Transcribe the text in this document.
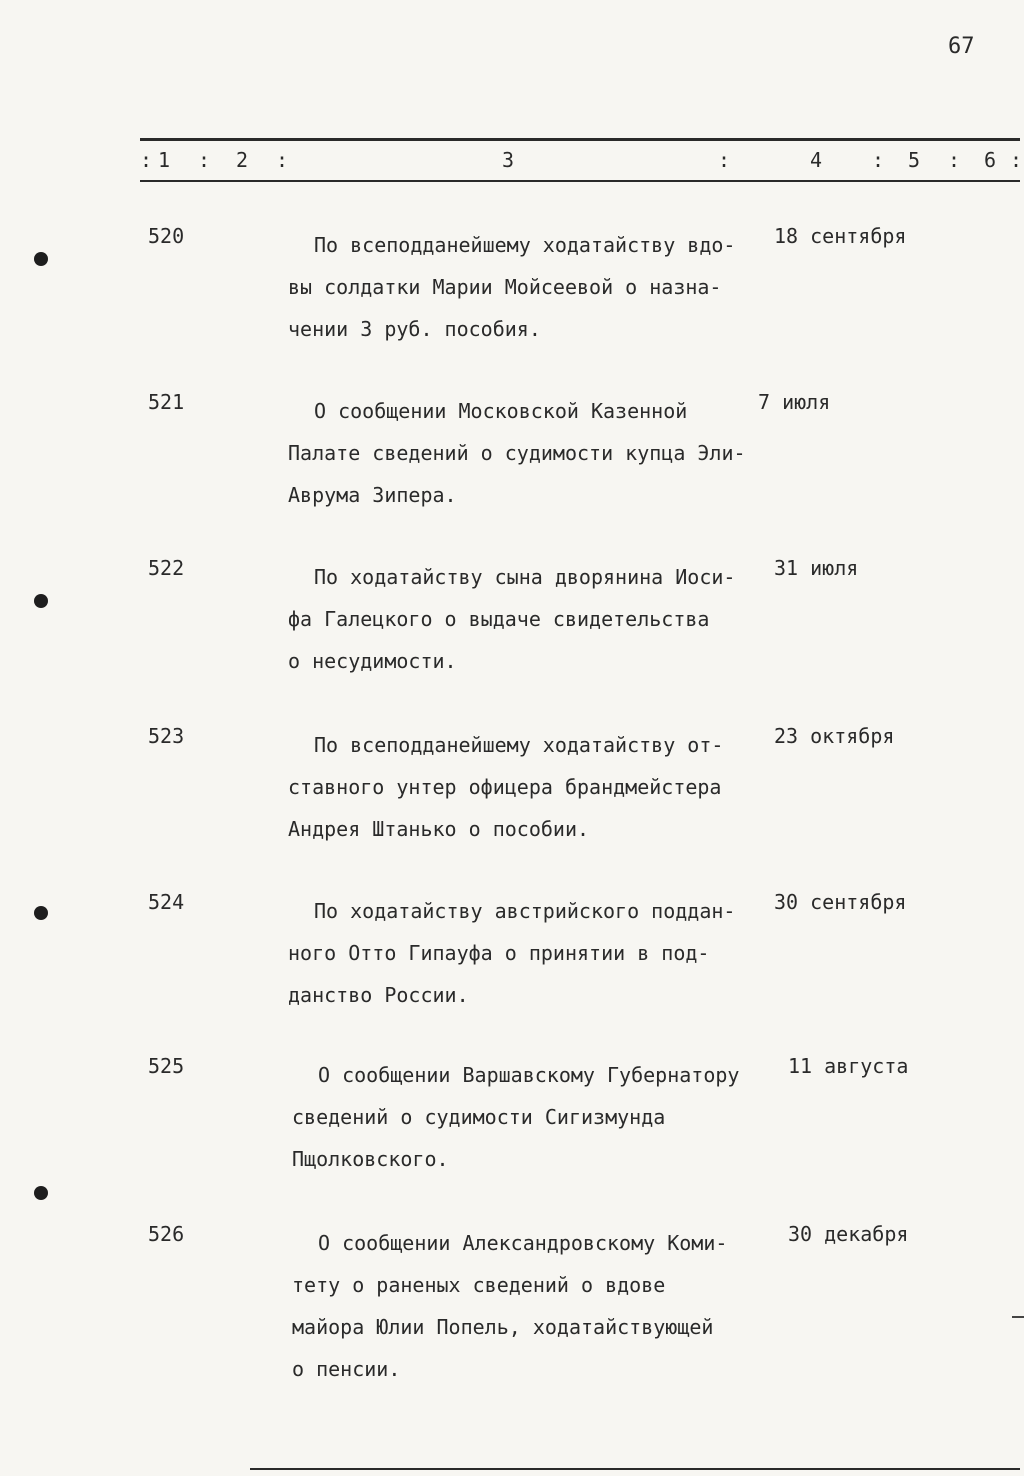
67
: 1 : 2 :	3	:	4 : 5 : 6 :
520	По всеподданейшему ходатайству вдо-
вы солдатки Марии Мойсеевой о назна-
чении 3 руб. пособия.
18 сентября
521	О сообщении Московской Казенной
Палате сведений о судимости купца Эли-
Аврума Зипера.
7 июля
522	По ходатайству сына дворянина Иоси-
фа Галецкого о выдаче свидетельства
о несудимости.
31 июля
523	По всеподданейшему ходатайству от-
ставного унтер офицера брандмейстера
Андрея Штанько о пособии.
23 октября
524	По ходатайству австрийского поддан-
ного Отто Гипауфа о принятии в под-
данство России.
30 сентября
525	О сообщении Варшавскому Губернатору
сведений о судимости Сигизмунда
Пщолковского.
11 августа
526	О сообщении Александровскому Коми-
тету о раненых сведений о вдове
майора Юлии Попель, ходатайствующей
о пенсии.
30 декабря
